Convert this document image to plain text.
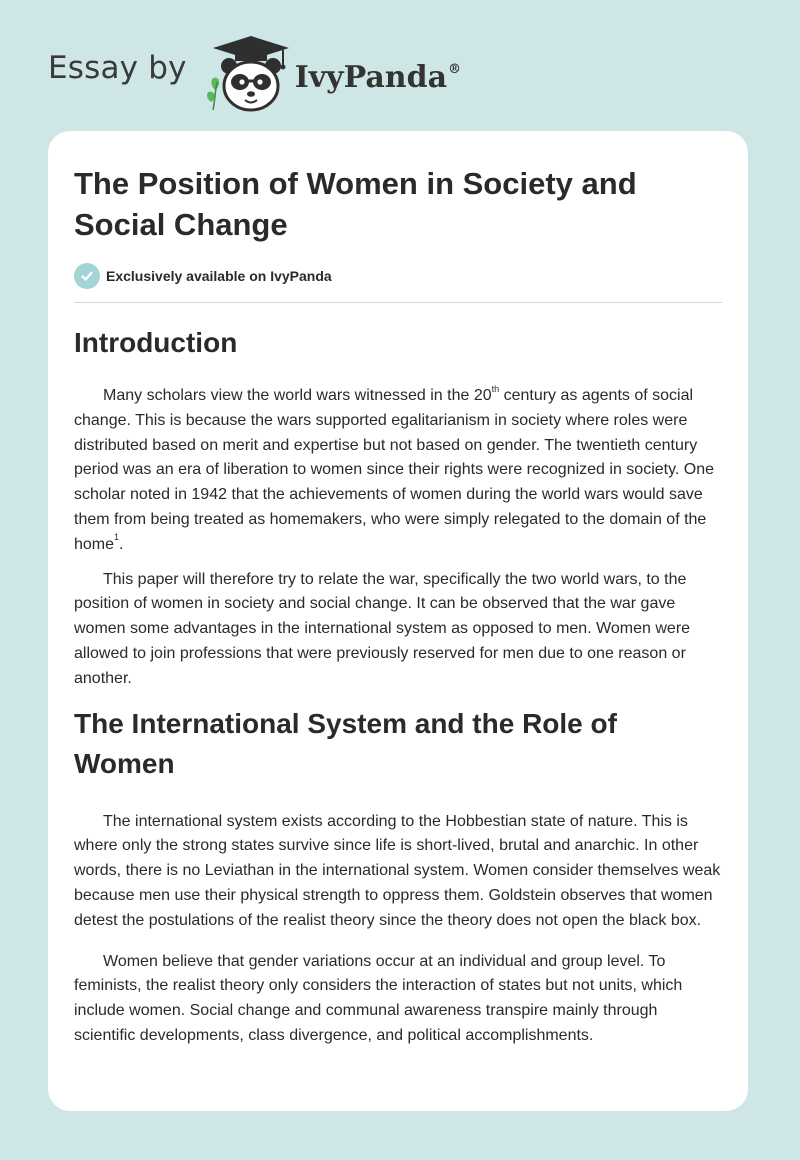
Essay by	IvyPanda®
The Position of Women in Society and Social Change
Exclusively available on IvyPanda
Introduction

Many scholars view the world wars witnessed in the 20th century as agents of social change. This is because the wars supported egalitarianism in society where roles were distributed based on merit and expertise but not based on gender. The twentieth century period was an era of liberation to women since their rights were recognized in society. One scholar noted in 1942 that the achievements of women during the world wars would save them from being treated as homemakers, who were simply relegated to the domain of the home$^1$.

This paper will therefore try to relate the war, specifically the two world wars, to the position of women in society and social change. It can be observed that the war gave women some advantages in the international system as opposed to men. Women were allowed to join professions that were previously reserved for men due to one reason or another.

The International System and the Role of Women

The international system exists according to the Hobbestian state of nature. This is where only the strong states survive since life is short-lived, brutal and anarchic. In other words, there is no Leviathan in the international system. Women consider themselves weak because men use their physical strength to oppress them. Goldstein observes that women detest the postulations of the realist theory since the theory does not open the black box.

Women believe that gender variations occur at an individual and group level. To feminists, the realist theory only considers the interaction of states but not units, which include women. Social change and communal awareness transpire mainly through scientific developments, class divergence, and political accomplishments.
